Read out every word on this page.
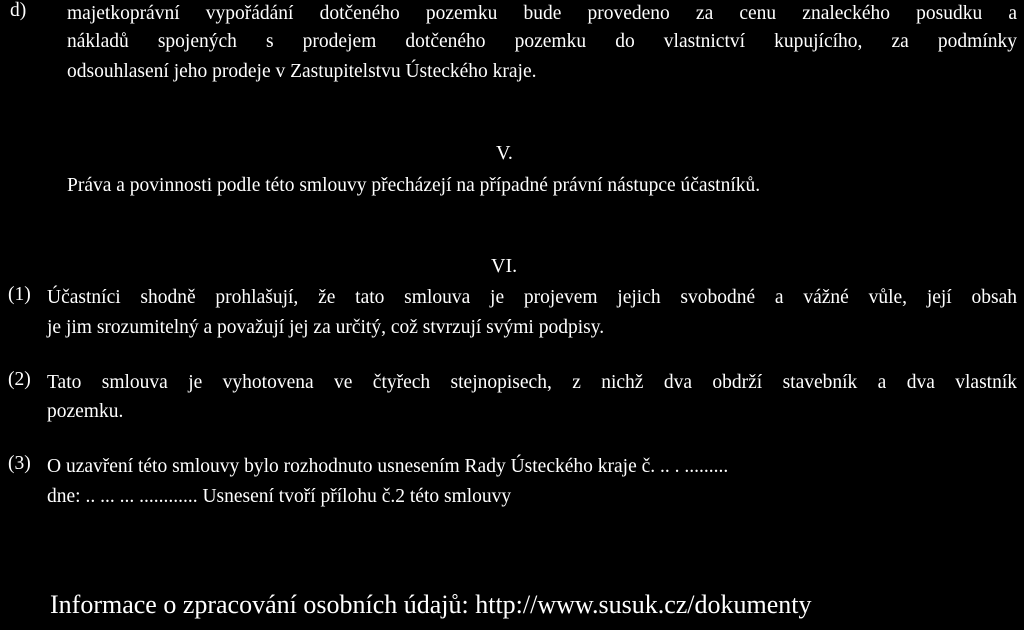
d) majetkoprávní vypořádání dotčeného pozemku bude provedeno za cenu znaleckého posudku a
nákladů spojených s prodejem dotčeného pozemku do vlastnictví kupujícího, za podmínky
odsouhlasení jeho prodeje v Zastupitelstvu Ústeckého kraje.
V.
Práva a povinnosti podle této smlouvy přecházejí na případné právní nástupce účastníků.
VI.
(1) Účastníci shodně prohlašují, že tato smlouva je projevem jejich svobodné a vážné vůle, její obsah
je jim srozumitelný a považují jej za určitý, což stvrzují svými podpisy.
(2) Tato smlouva je vyhotovena ve čtyřech stejnopisech, z nichž dva obdrží stavebník a dva vlastník
pozemku.
(3) O uzavření této smlouvy bylo rozhodnuto usnesením Rady Ústeckého kraje č. .. . .........
dne: .. ... ... ............ Usnesení tvoří přílohu č.2 této smlouvy
Informace o zpracování osobních údajů: http://www.susuk.cz/dokumenty
